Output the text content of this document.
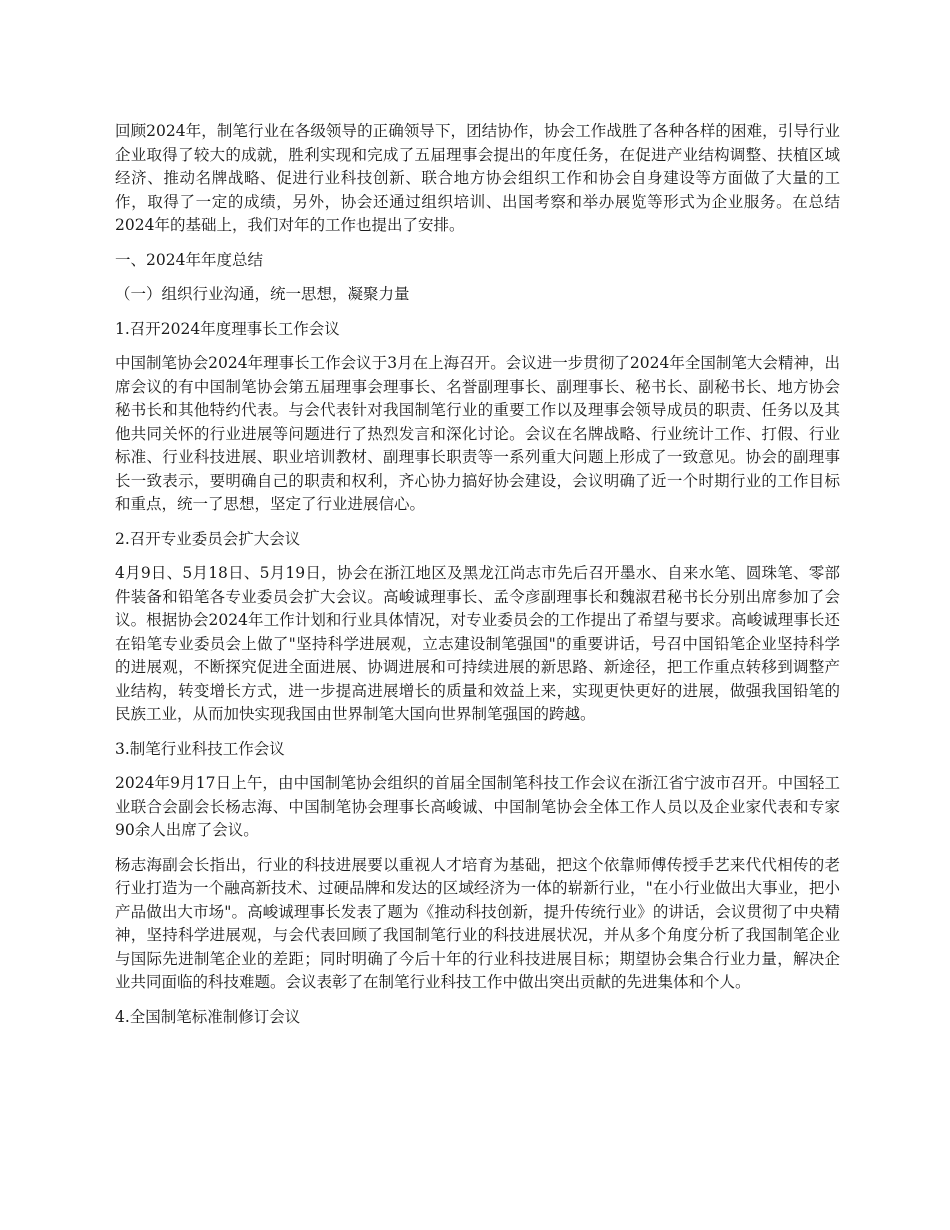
回顾2024年，制笔行业在各级领导的正确领导下，团结协作，协会工作战胜了各种各样的困难，引导行业企业取得了较大的成就，胜利实现和完成了五届理事会提出的年度任务，在促进产业结构调整、扶植区域经济、推动名牌战略、促进行业科技创新、联合地方协会组织工作和协会自身建设等方面做了大量的工作，取得了一定的成绩，另外，协会还通过组织培训、出国考察和举办展览等形式为企业服务。在总结2024年的基础上，我们对年的工作也提出了安排。

一、2024年年度总结

（一）组织行业沟通，统一思想，凝聚力量

1.召开2024年度理事长工作会议

中国制笔协会2024年理事长工作会议于3月在上海召开。会议进一步贯彻了2024年全国制笔大会精神，出席会议的有中国制笔协会第五届理事会理事长、名誉副理事长、副理事长、秘书长、副秘书长、地方协会秘书长和其他特约代表。与会代表针对我国制笔行业的重要工作以及理事会领导成员的职责、任务以及其他共同关怀的行业进展等问题进行了热烈发言和深化讨论。会议在名牌战略、行业统计工作、打假、行业标准、行业科技进展、职业培训教材、副理事长职责等一系列重大问题上形成了一致意见。协会的副理事长一致表示，要明确自己的职责和权利，齐心协力搞好协会建设，会议明确了近一个时期行业的工作目标和重点，统一了思想，坚定了行业进展信心。

2.召开专业委员会扩大会议

4月9日、5月18日、5月19日，协会在浙江地区及黑龙江尚志市先后召开墨水、自来水笔、圆珠笔、零部件装备和铅笔各专业委员会扩大会议。高峻诚理事长、孟令彦副理事长和魏淑君秘书长分别出席参加了会议。根据协会2024年工作计划和行业具体情况，对专业委员会的工作提出了希望与要求。高峻诚理事长还在铅笔专业委员会上做了"坚持科学进展观，立志建设制笔强国"的重要讲话，号召中国铅笔企业坚持科学的进展观，不断探究促进全面进展、协调进展和可持续进展的新思路、新途径，把工作重点转移到调整产业结构，转变增长方式，进一步提高进展增长的质量和效益上来，实现更快更好的进展，做强我国铅笔的民族工业，从而加快实现我国由世界制笔大国向世界制笔强国的跨越。

3.制笔行业科技工作会议

2024年9月17日上午，由中国制笔协会组织的首届全国制笔科技工作会议在浙江省宁波市召开。中国轻工业联合会副会长杨志海、中国制笔协会理事长高峻诚、中国制笔协会全体工作人员以及企业家代表和专家90余人出席了会议。

杨志海副会长指出，行业的科技进展要以重视人才培育为基础，把这个依靠师傅传授手艺来代代相传的老行业打造为一个融高新技术、过硬品牌和发达的区域经济为一体的崭新行业，"在小行业做出大事业，把小产品做出大市场"。高峻诚理事长发表了题为《推动科技创新，提升传统行业》的讲话，会议贯彻了中央精神，坚持科学进展观，与会代表回顾了我国制笔行业的科技进展状况，并从多个角度分析了我国制笔企业与国际先进制笔企业的差距；同时明确了今后十年的行业科技进展目标；期望协会集合行业力量，解决企业共同面临的科技难题。会议表彰了在制笔行业科技工作中做出突出贡献的先进集体和个人。

4.全国制笔标准制修订会议
